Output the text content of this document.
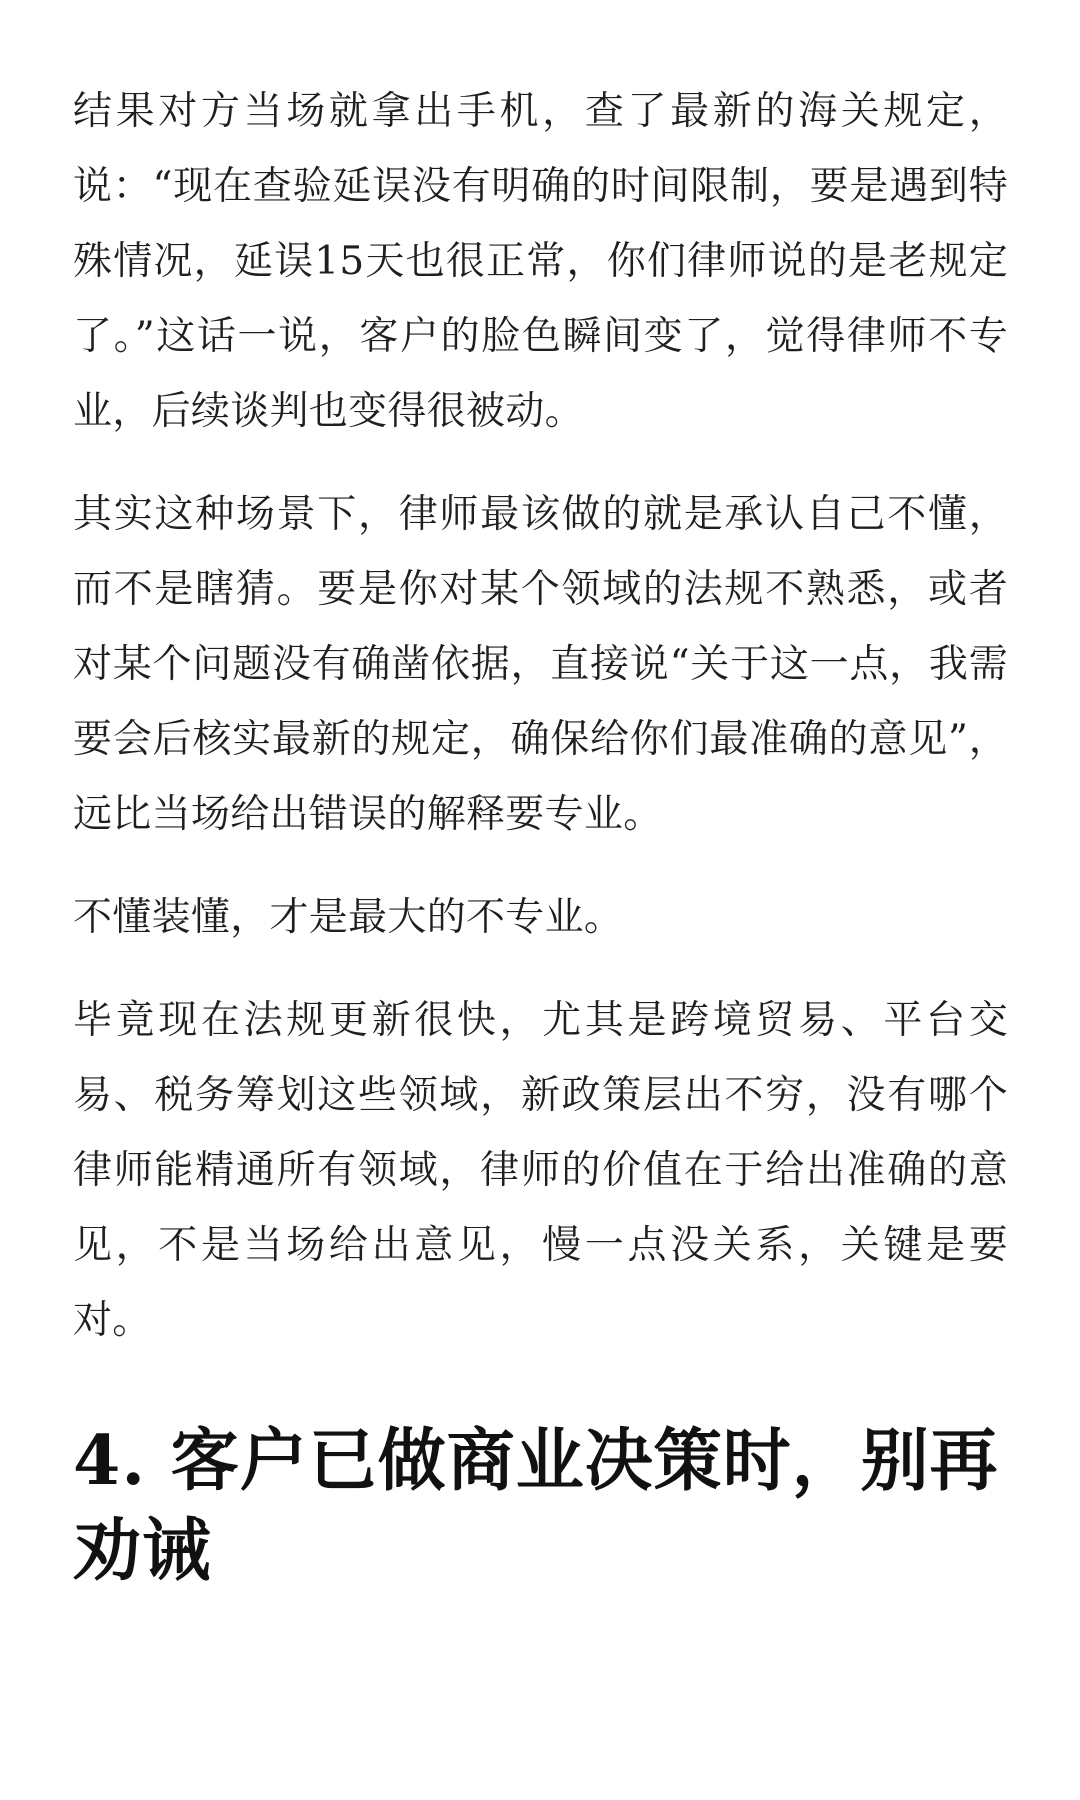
结果对方当场就拿出手机，查了最新的海关规定，说：“现在查验延误没有明确的时间限制，要是遇到特殊情况，延误15天也很正常，你们律师说的是老规定了。”这话一说，客户的脸色瞬间变了，觉得律师不专业，后续谈判也变得很被动。

其实这种场景下，律师最该做的就是承认自己不懂，而不是瞎猜。要是你对某个领域的法规不熟悉，或者对某个问题没有确凿依据，直接说“关于这一点，我需要会后核实最新的规定，确保给你们最准确的意见”，远比当场给出错误的解释要专业。

不懂装懂，才是最大的不专业。

毕竟现在法规更新很快，尤其是跨境贸易、平台交易、税务筹划这些领域，新政策层出不穷，没有哪个律师能精通所有领域，律师的价值在于给出准确的意见，不是当场给出意见，慢一点没关系，关键是要对。

4. 客户已做商业决策时，别再劝诫
